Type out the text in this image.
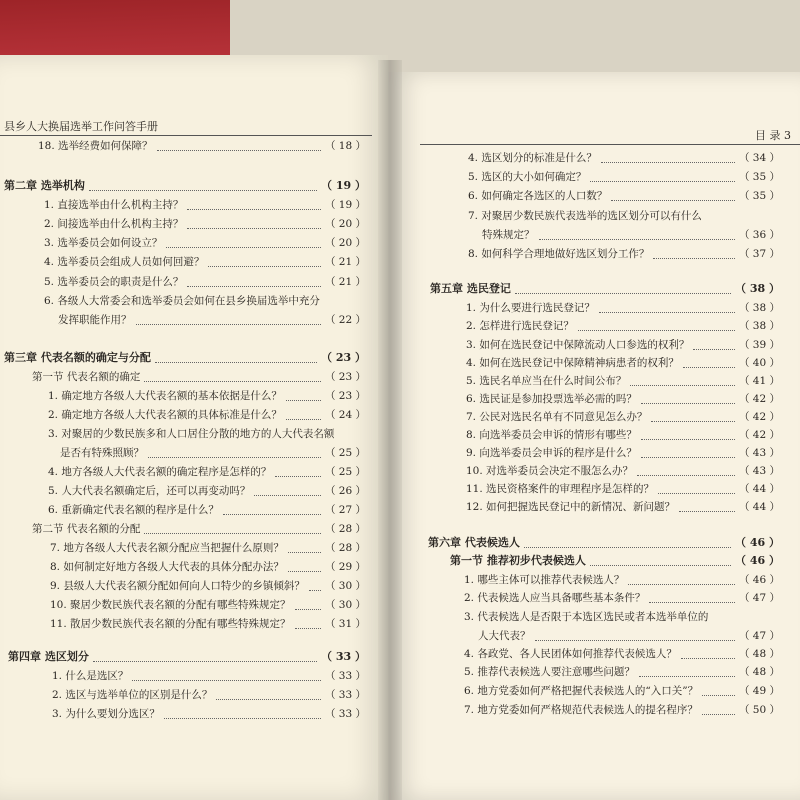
县乡人大换届选举工作问答手册
目 录 3
18. 选举经费如何保障？	（ 18 ）
第二章 选举机构	（ 19 ）
1. 直接选举由什么机构主持？	（ 19 ）
2. 间接选举由什么机构主持？	（ 20 ）
3. 选举委员会如何设立？	（ 20 ）
4. 选举委员会组成人员如何回避？	（ 21 ）
5. 选举委员会的职责是什么？	（ 21 ）
6. 各级人大常委会和选举委员会如何在县乡换届选举中充分
发挥职能作用？	（ 22 ）
第三章 代表名额的确定与分配	（ 23 ）
第一节 代表名额的确定	（ 23 ）
1. 确定地方各级人大代表名额的基本依据是什么？	（ 23 ）
2. 确定地方各级人大代表名额的具体标准是什么？	（ 24 ）
3. 对聚居的少数民族多和人口居住分散的地方的人大代表名额
是否有特殊照顾？	（ 25 ）
4. 地方各级人大代表名额的确定程序是怎样的？	（ 25 ）
5. 人大代表名额确定后，还可以再变动吗？	（ 26 ）
6. 重新确定代表名额的程序是什么？	（ 27 ）
第二节 代表名额的分配	（ 28 ）
7. 地方各级人大代表名额分配应当把握什么原则？	（ 28 ）
8. 如何制定好地方各级人大代表的具体分配办法？	（ 29 ）
9. 县级人大代表名额分配如何向人口特少的乡镇倾斜？ （ 30 ）
10. 聚居少数民族代表名额的分配有哪些特殊规定？	（ 30 ）
11. 散居少数民族代表名额的分配有哪些特殊规定？	（ 31 ）
第四章 选区划分	（ 33 ）
1. 什么是选区？	（ 33 ）
2. 选区与选举单位的区别是什么？	（ 33 ）
3. 为什么要划分选区？	（ 33 ）
4. 选区划分的标准是什么？	（ 34 ）
5. 选区的大小如何确定？	（ 35 ）
6. 如何确定各选区的人口数？	（ 35 ）
7. 对聚居少数民族代表选举的选区划分可以有什么
特殊规定？	（ 36 ）
8. 如何科学合理地做好选区划分工作？	（ 37 ）
第五章 选民登记	（ 38 ）
1. 为什么要进行选民登记？	（ 38 ）
2. 怎样进行选民登记？	（ 38 ）
3. 如何在选民登记中保障流动人口参选的权利？	（ 39 ）
4. 如何在选民登记中保障精神病患者的权利？	（ 40 ）
5. 选民名单应当在什么时间公布？	（ 41 ）
6. 选民证是参加投票选举必需的吗？	（ 42 ）
7. 公民对选民名单有不同意见怎么办？	（ 42 ）
8. 向选举委员会申诉的情形有哪些？	（ 42 ）
9. 向选举委员会申诉的程序是什么？	（ 43 ）
10. 对选举委员会决定不服怎么办？	（ 43 ）
11. 选民资格案件的审理程序是怎样的？	（ 44 ）
12. 如何把握选民登记中的新情况、新问题？	（ 44 ）
第六章 代表候选人	（ 46 ）
第一节 推荐初步代表候选人	（ 46 ）
1. 哪些主体可以推荐代表候选人？	（ 46 ）
2. 代表候选人应当具备哪些基本条件？	（ 47 ）
3. 代表候选人是否限于本选区选民或者本选举单位的
人大代表？	（ 47 ）
4. 各政党、各人民团体如何推荐代表候选人？	（ 48 ）
5. 推荐代表候选人要注意哪些问题？	（ 48 ）
6. 地方党委如何严格把握代表候选人的“入口关”？	（ 49 ）
7. 地方党委如何严格规范代表候选人的提名程序？	（ 50 ）
